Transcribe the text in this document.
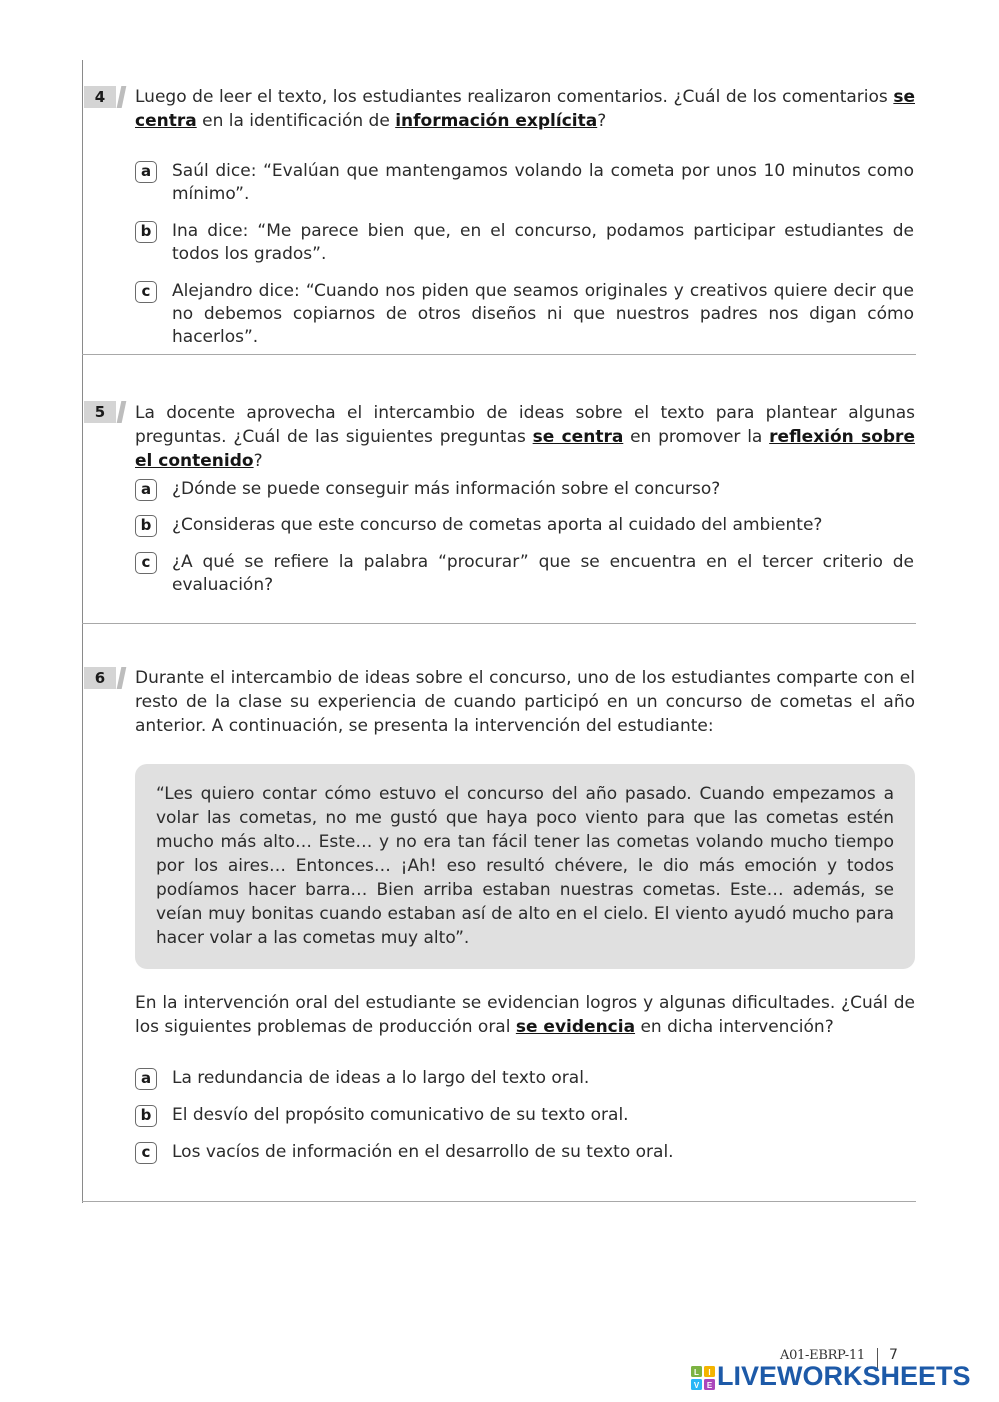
4	Luego de leer el texto, los estudiantes realizaron comentarios. ¿Cuál de los comentarios se centra en la identificación de información explícita?
a	Saúl dice: “Evalúan que mantengamos volando la cometa por unos 10 minutos como mínimo”.
b	Ina dice: “Me parece bien que, en el concurso, podamos participar estudiantes de todos los grados”.
c	Alejandro dice: “Cuando nos piden que seamos originales y creativos quiere decir que no debemos copiarnos de otros diseños ni que nuestros padres nos digan cómo hacerlos”.
5	La docente aprovecha el intercambio de ideas sobre el texto para plantear algunas preguntas. ¿Cuál de las siguientes preguntas se centra en promover la reflexión sobre el contenido?
a	¿Dónde se puede conseguir más información sobre el concurso?
b	¿Consideras que este concurso de cometas aporta al cuidado del ambiente?
c	¿A qué se refiere la palabra “procurar” que se encuentra en el tercer criterio de evaluación?
6	Durante el intercambio de ideas sobre el concurso, uno de los estudiantes comparte con el resto de la clase su experiencia de cuando participó en un concurso de cometas el año anterior. A continuación, se presenta la intervención del estudiante:
“Les quiero contar cómo estuvo el concurso del año pasado. Cuando empezamos a volar las cometas, no me gustó que haya poco viento para que las cometas estén mucho más alto… Este… y no era tan fácil tener las cometas volando mucho tiempo por los aires… Entonces… ¡Ah! eso resultó chévere, le dio más emoción y todos podíamos hacer barra… Bien arriba estaban nuestras cometas. Este… además, se veían muy bonitas cuando estaban así de alto en el cielo. El viento ayudó mucho para hacer volar a las cometas muy alto”.
En la intervención oral del estudiante se evidencian logros y algunas dificultades. ¿Cuál de los siguientes problemas de producción oral se evidencia en dicha intervención?
a	La redundancia de ideas a lo largo del texto oral.
b	El desvío del propósito comunicativo de su texto oral.
c	Los vacíos de información en el desarrollo de su texto oral.
A01-EBRP-11 7
L I
V E LIVEWORKSHEETS
